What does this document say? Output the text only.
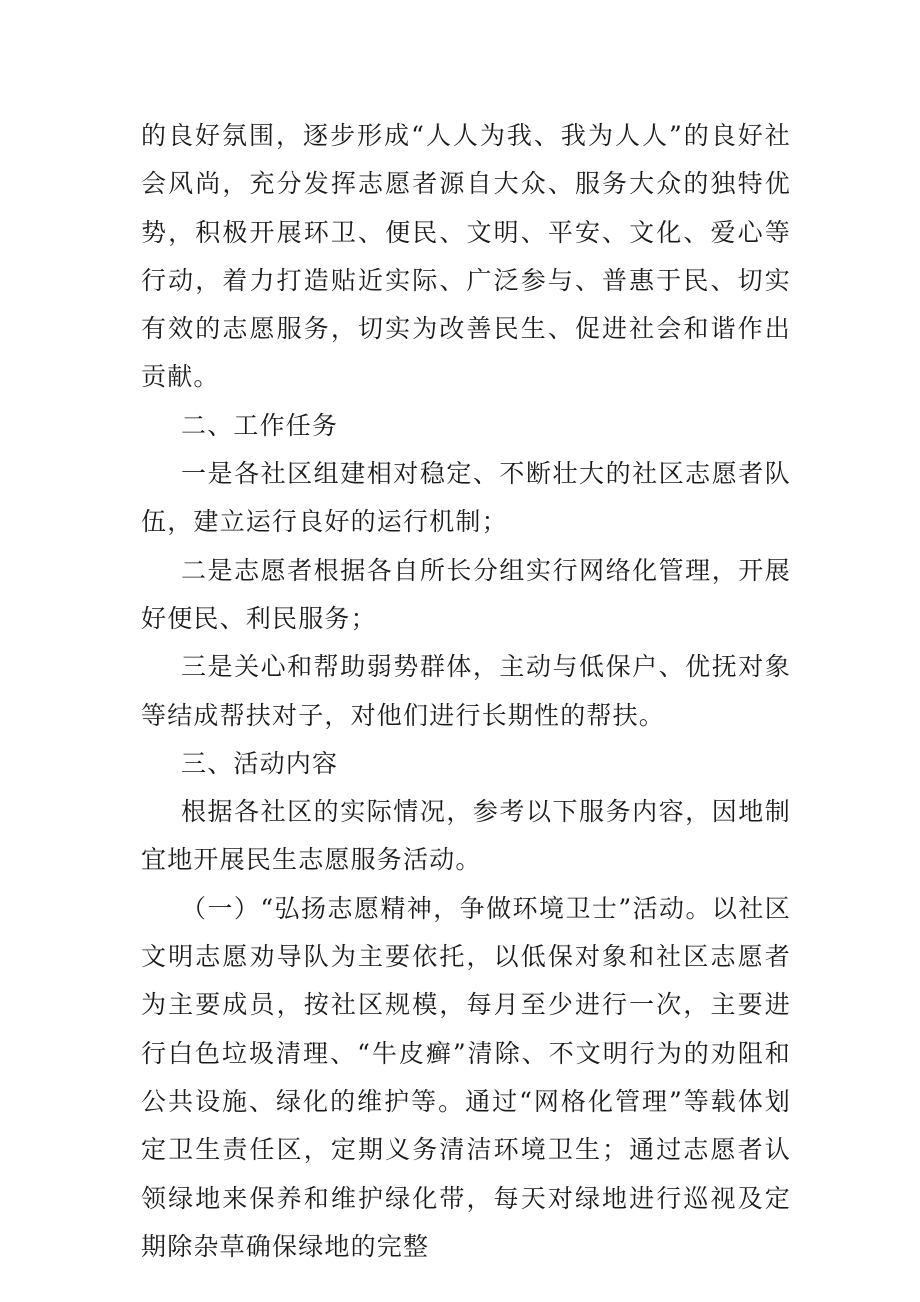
的良好氛围，逐步形成“人人为我、我为人人”的良好社会风尚，充分发挥志愿者源自大众、服务大众的独特优势，积极开展环卫、便民、文明、平安、文化、爱心等行动，着力打造贴近实际、广泛参与、普惠于民、切实有效的志愿服务，切实为改善民生、促进社会和谐作出贡献。

二、工作任务

一是各社区组建相对稳定、不断壮大的社区志愿者队伍，建立运行良好的运行机制；

二是志愿者根据各自所长分组实行网络化管理，开展好便民、利民服务；

三是关心和帮助弱势群体，主动与低保户、优抚对象等结成帮扶对子，对他们进行长期性的帮扶。

三、活动内容

根据各社区的实际情况，参考以下服务内容，因地制宜地开展民生志愿服务活动。

（一）“弘扬志愿精神，争做环境卫士”活动。以社区文明志愿劝导队为主要依托，以低保对象和社区志愿者为主要成员，按社区规模，每月至少进行一次，主要进行白色垃圾清理、“牛皮癣”清除、不文明行为的劝阻和公共设施、绿化的维护等。通过“网格化管理”等载体划定卫生责任区，定期义务清洁环境卫生；通过志愿者认领绿地来保养和维护绿化带，每天对绿地进行巡视及定期除杂草确保绿地的完整
